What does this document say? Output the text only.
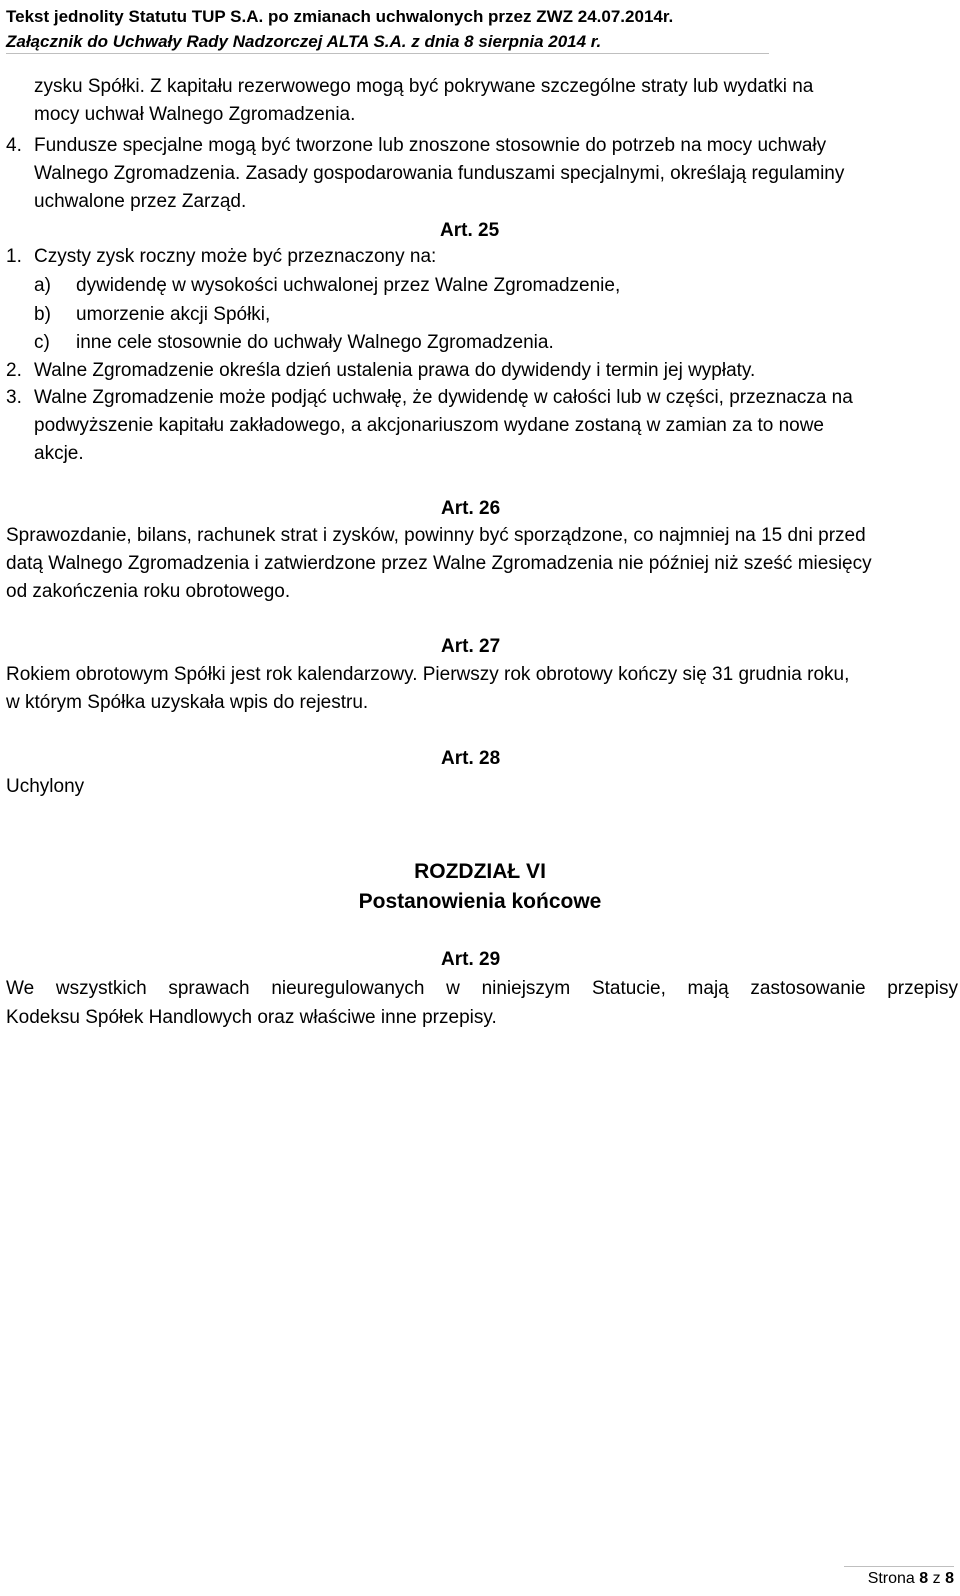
Tekst jednolity Statutu TUP S.A. po zmianach uchwalonych przez ZWZ 24.07.2014r.
Załącznik do Uchwały Rady Nadzorczej ALTA S.A. z dnia 8 sierpnia 2014 r.
zysku Spółki. Z kapitału rezerwowego mogą być pokrywane szczególne straty lub wydatki na
mocy uchwał Walnego Zgromadzenia.
4. Fundusze specjalne mogą być tworzone lub znoszone stosownie do potrzeb na mocy uchwały
Walnego Zgromadzenia. Zasady gospodarowania funduszami specjalnymi, określają regulaminy
uchwalone przez Zarząd.
Art. 25
1. Czysty zysk roczny może być przeznaczony na:
a) dywidendę w wysokości uchwalonej przez Walne Zgromadzenie,
b) umorzenie akcji Spółki,
c) inne cele stosownie do uchwały Walnego Zgromadzenia.
2. Walne Zgromadzenie określa dzień ustalenia prawa do dywidendy i termin jej wypłaty.
3. Walne Zgromadzenie może podjąć uchwałę, że dywidendę w całości lub w części, przeznacza na
podwyższenie kapitału zakładowego, a akcjonariuszom wydane zostaną w zamian za to nowe
akcje.
Art. 26
Sprawozdanie, bilans, rachunek strat i zysków, powinny być sporządzone, co najmniej na 15 dni przed
datą Walnego Zgromadzenia i zatwierdzone przez Walne Zgromadzenia nie później niż sześć miesięcy
od zakończenia roku obrotowego.
Art. 27
Rokiem obrotowym Spółki jest rok kalendarzowy. Pierwszy rok obrotowy kończy się 31 grudnia roku,
w którym Spółka uzyskała wpis do rejestru.
Art. 28
Uchylony
ROZDZIAŁ VI
Postanowienia końcowe
Art. 29
We wszystkich sprawach nieuregulowanych w niniejszym Statucie, mają zastosowanie przepisy
Kodeksu Spółek Handlowych oraz właściwe inne przepisy.
Strona 8 z 8
